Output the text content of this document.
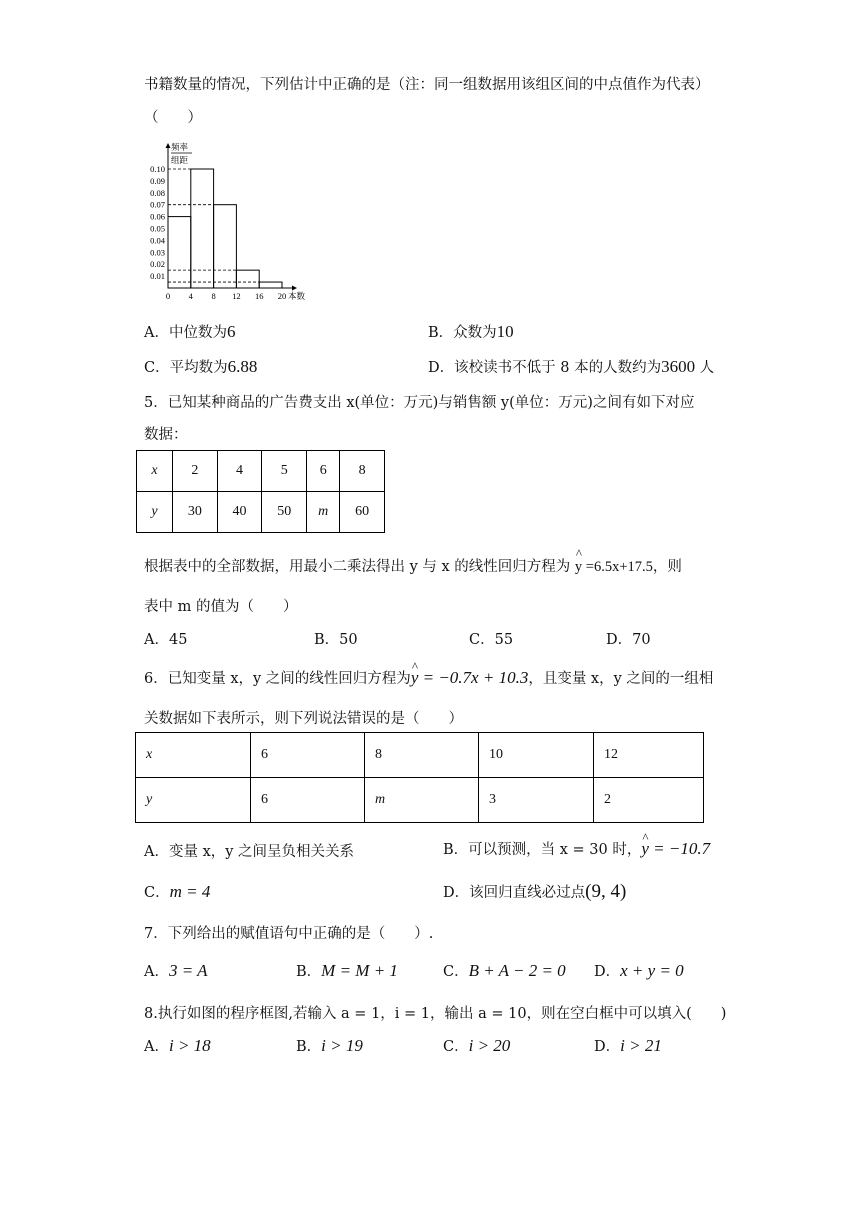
书籍数量的情况，下列估计中正确的是（注：同一组数据用该组区间的中点值作为代表）
（　　）
0.10
0.09
0.08
0.07
0.06
0.05
0.04
0.03
0.02
0.01
0 4 8 12 16 20 本数
频率
组距
A．中位数为6	B．众数为10
C．平均数为6.88	D．该校读书不低于 8 本的人数约为3600 人
5．已知某种商品的广告费支出 x(单位：万元)与销售额 y(单位：万元)之间有如下对应
数据：
x	2	4	5	6	8
y	30	40	50	m	60
根据表中的全部数据，用最小二乘法得出 y 与 x 的线性回归方程为 ^ y =6.5x+17.5，则
表中 m 的值为（　　）
A．45	B．50	C．55	D．70
6．已知变量 x，y 之间的线性回归方程为^ y = −0.7x + 10.3，且变量 x，y 之间的一组相
关数据如下表所示，则下列说法错误的是（　　）
x	6	8	10	12
y	6	m	3	2
A．变量 x，y 之间呈负相关关系	B．可以预测，当 x = 30 时，^ y = −10.7
C．m = 4	D．该回归直线必过点(9, 4)
7．下列给出的赋值语句中正确的是（　　）.
A．3 = A	B．M = M + 1	C．B + A − 2 = 0 D．x + y = 0
8.执行如图的程序框图,若输入 a = 1，i = 1，输出 a = 10，则在空白框中可以填入(　　)
A．i > 18	B．i > 19	C．i > 20	D．i > 21
